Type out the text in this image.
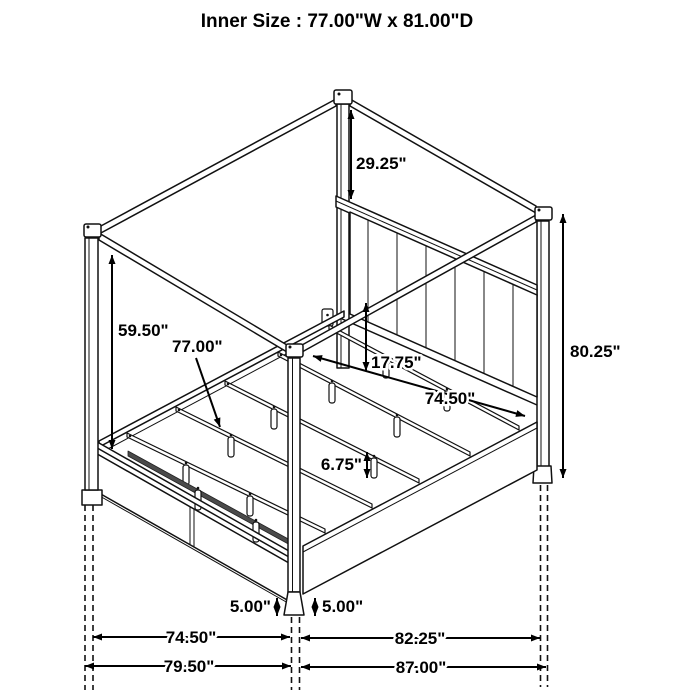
Inner Size : 77.00"W x 81.00"D
29.25"
59.50"
77.00"
17.75"
74.50"
80.25"
6.75"
5.00"	5.00"
74.50"
79.50"
82.25"
87.00"
